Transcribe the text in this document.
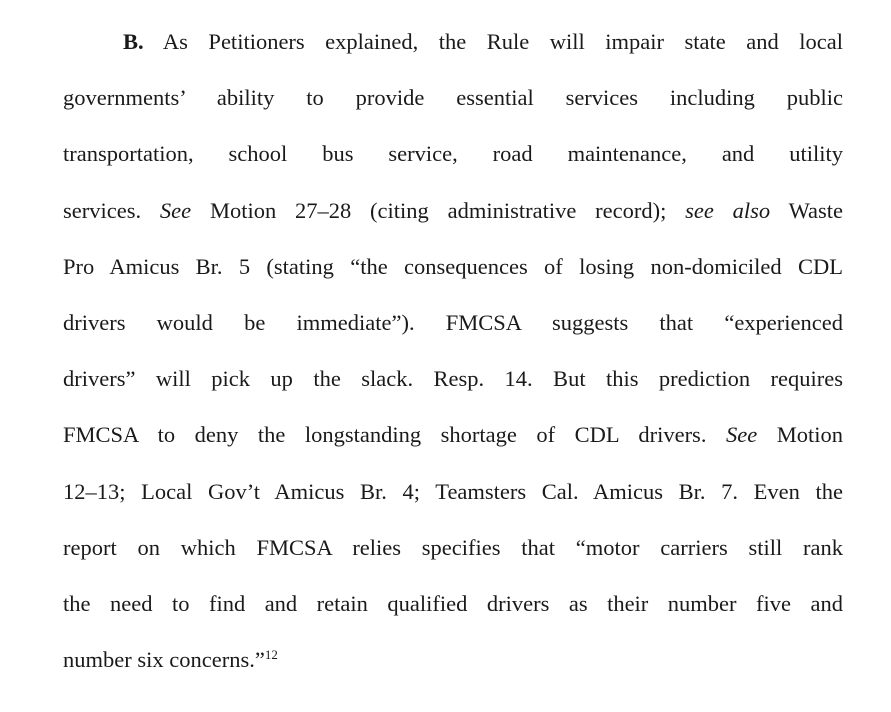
B. As Petitioners explained, the Rule will impair state and local
governments’ ability to provide essential services including public
transportation, school bus service, road maintenance, and utility
services. See Motion 27–28 (citing administrative record); see also Waste
Pro Amicus Br. 5 (stating “the consequences of losing non-domiciled CDL
drivers would be immediate”). FMCSA suggests that “experienced
drivers” will pick up the slack. Resp. 14. But this prediction requires
FMCSA to deny the longstanding shortage of CDL drivers. See Motion
12–13; Local Gov’t Amicus Br. 4; Teamsters Cal. Amicus Br. 7. Even the
report on which FMCSA relies specifies that “motor carriers still rank
the need to find and retain qualified drivers as their number five and
number six concerns.”$^{12}$
